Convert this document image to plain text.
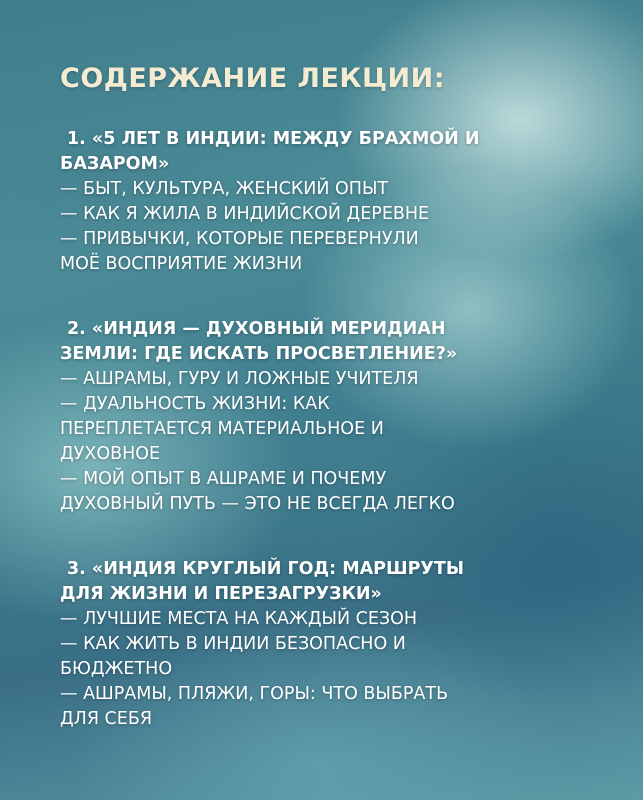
СОДЕРЖАНИЕ ЛЕКЦИИ:
1. «5 ЛЕТ В ИНДИИ: МЕЖДУ БРАХМОЙ И
БАЗАРОМ»
— БЫТ, КУЛЬТУРА, ЖЕНСКИЙ ОПЫТ
— КАК Я ЖИЛА В ИНДИЙСКОЙ ДЕРЕВНЕ
— ПРИВЫЧКИ, КОТОРЫЕ ПЕРЕВЕРНУЛИ
МОЁ ВОСПРИЯТИЕ ЖИЗНИ
2. «ИНДИЯ — ДУХОВНЫЙ МЕРИДИАН
ЗЕМЛИ: ГДЕ ИСКАТЬ ПРОСВЕТЛЕНИЕ?»
— АШРАМЫ, ГУРУ И ЛОЖНЫЕ УЧИТЕЛЯ
— ДУАЛЬНОСТЬ ЖИЗНИ: КАК
ПЕРЕПЛЕТАЕТСЯ МАТЕРИАЛЬНОЕ И
ДУХОВНОЕ
— МОЙ ОПЫТ В АШРАМЕ И ПОЧЕМУ
ДУХОВНЫЙ ПУТЬ — ЭТО НЕ ВСЕГДА ЛЕГКО
3. «ИНДИЯ КРУГЛЫЙ ГОД: МАРШРУТЫ
ДЛЯ ЖИЗНИ И ПЕРЕЗАГРУЗКИ»
— ЛУЧШИЕ МЕСТА НА КАЖДЫЙ СЕЗОН
— КАК ЖИТЬ В ИНДИИ БЕЗОПАСНО И
БЮДЖЕТНО
— АШРАМЫ, ПЛЯЖИ, ГОРЫ: ЧТО ВЫБРАТЬ
ДЛЯ СЕБЯ
